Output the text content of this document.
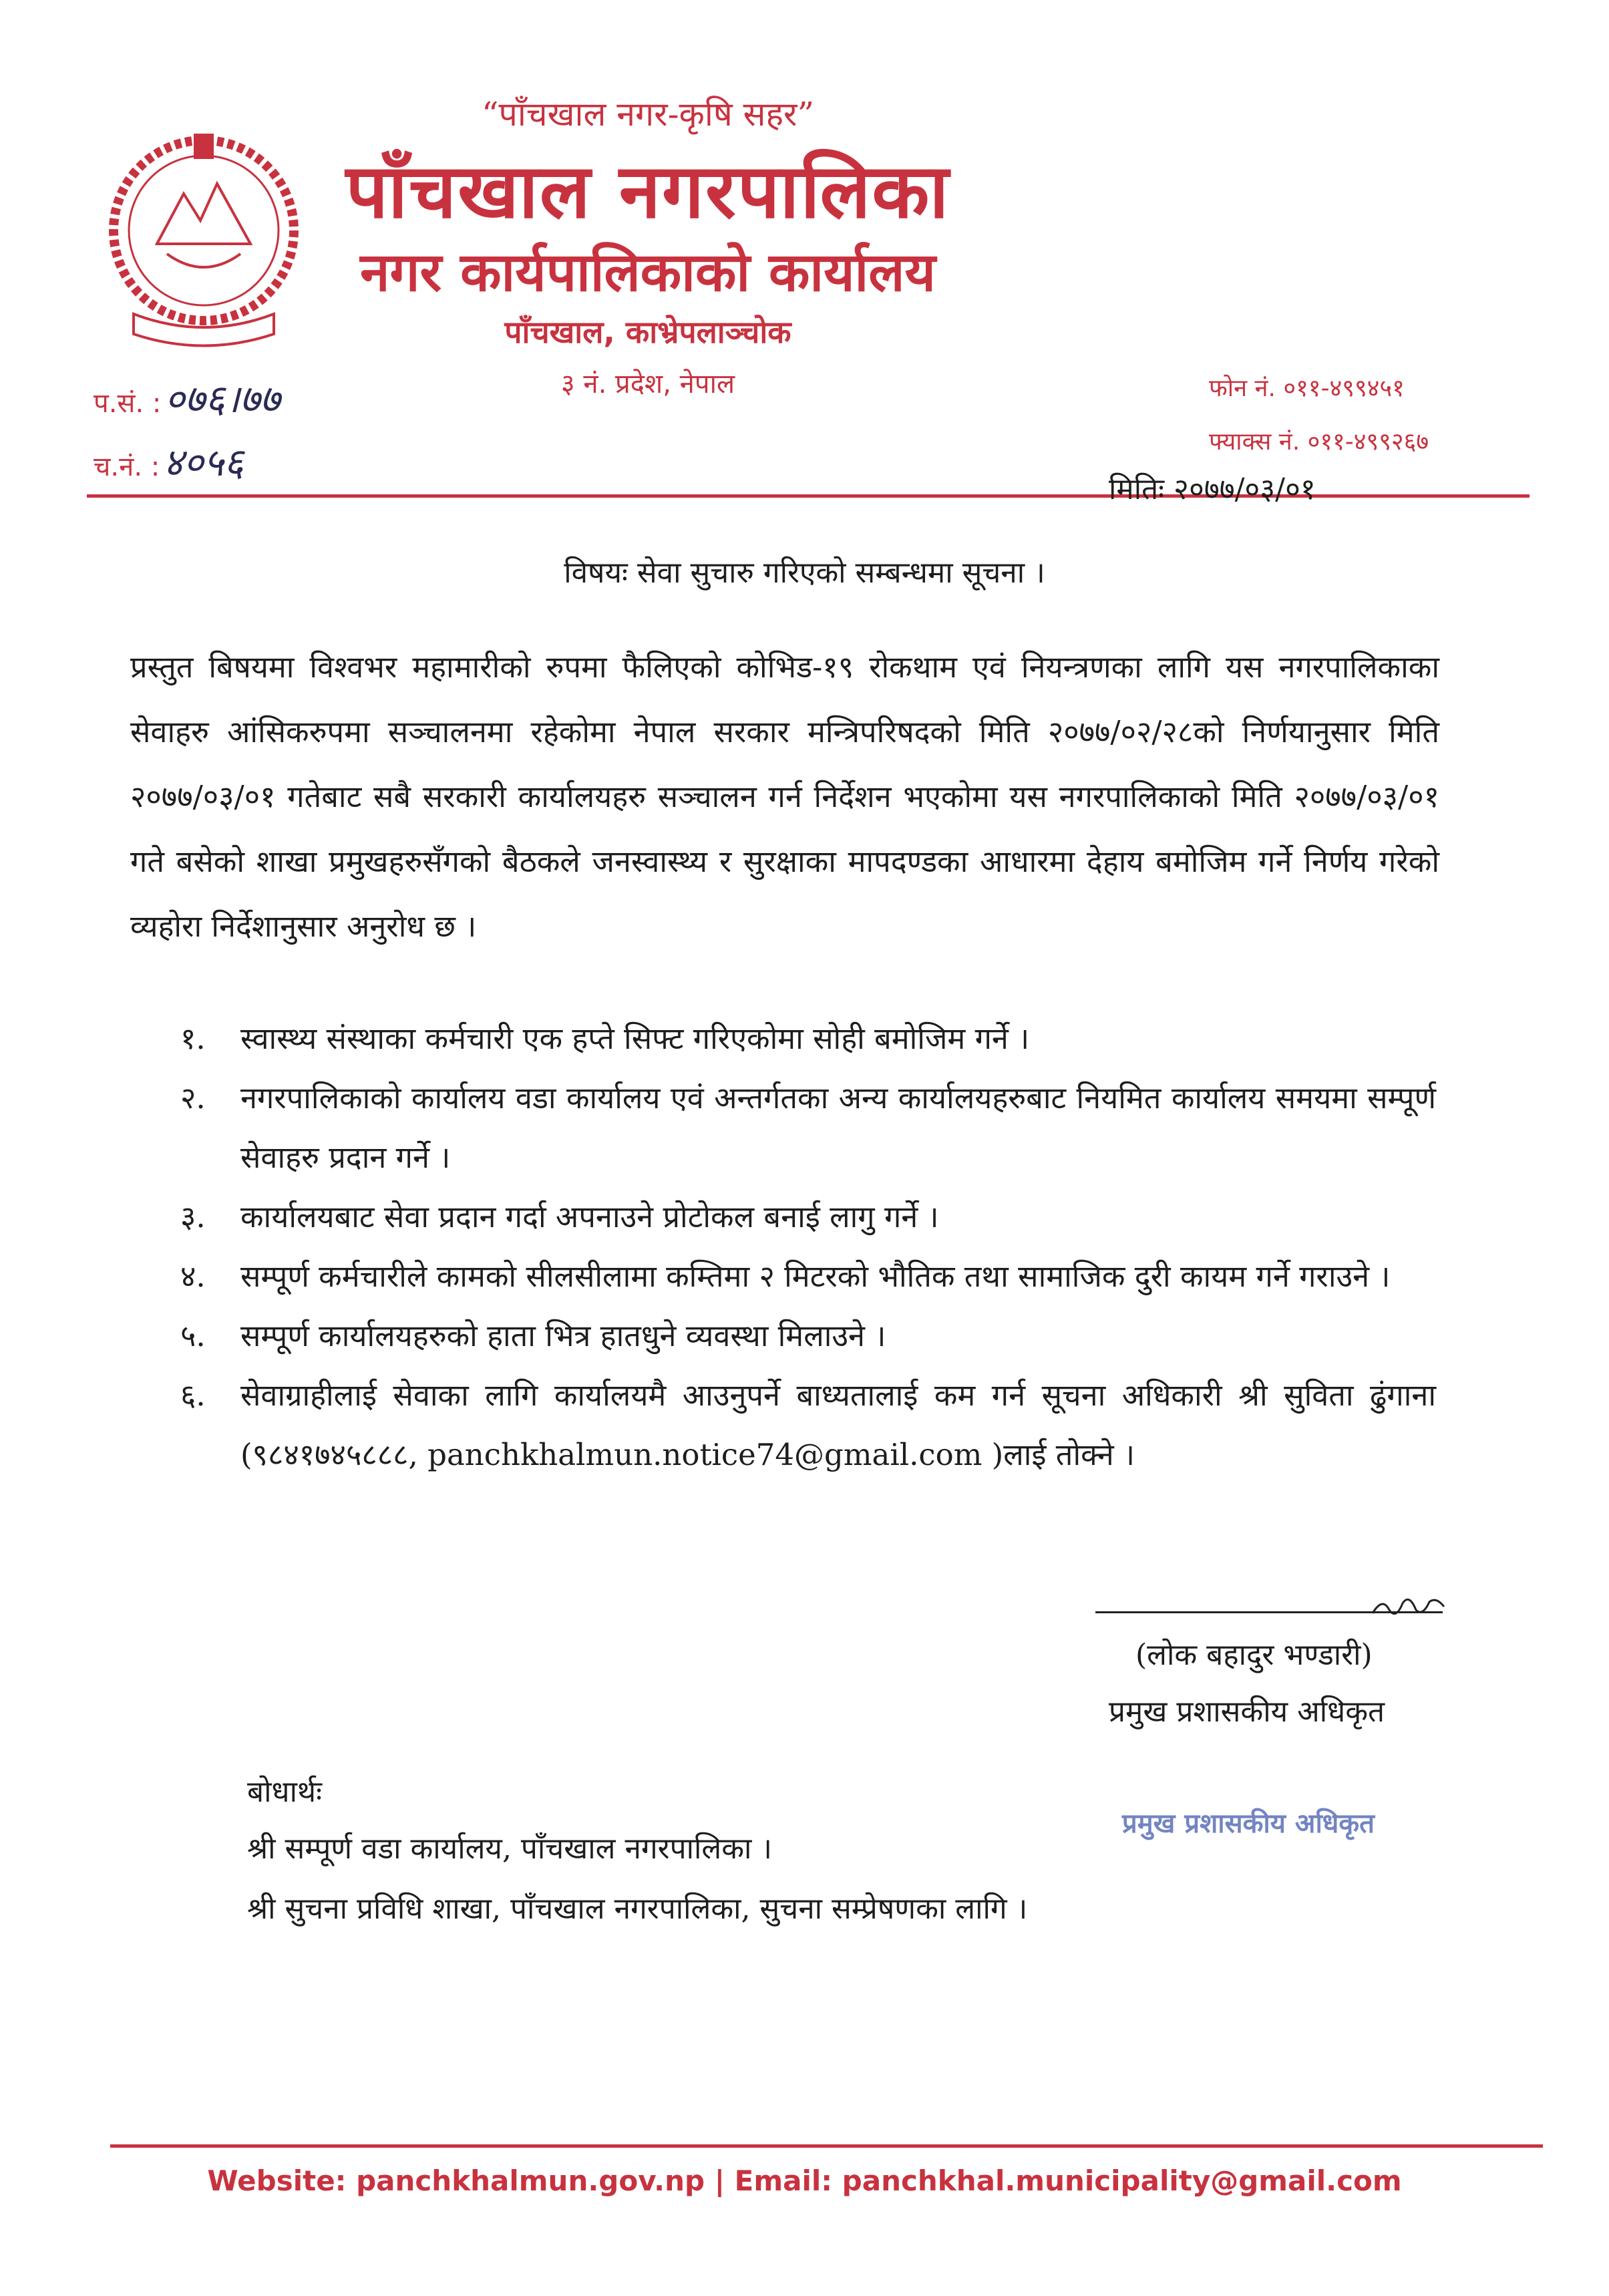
“पाँचखाल नगर-कृषि सहर”
पाँचखाल नगरपालिका
नगर कार्यपालिकाको कार्यालय
पाँचखाल, काभ्रेपलाञ्चोक
३ नं. प्रदेश, नेपाल
प.सं. : ०७६।७७
च.नं. : ४०५६
फोन नं. ०११-४९९४५१
फ्याक्स नं. ०११-४९९२६७
मितिः २०७७/०३/०१
विषयः सेवा सुचारु गरिएको सम्बन्धमा सूचना ।
प्रस्तुत बिषयमा विश्वभर महामारीको रुपमा फैलिएको कोभिड-१९ रोकथाम एवं नियन्त्रणका लागि यस नगरपालिकाका सेवाहरु आंसिकरुपमा सञ्चालनमा रहेकोमा नेपाल सरकार मन्त्रिपरिषदको मिति २०७७/०२/२८को निर्णयानुसार मिति २०७७/०३/०१ गतेबाट सबै सरकारी कार्यालयहरु सञ्चालन गर्न निर्देशन भएकोमा यस नगरपालिकाको मिति २०७७/०३/०१ गते बसेको शाखा प्रमुखहरुसँगको बैठकले जनस्वास्थ्य र सुरक्षाका मापदण्डका आधारमा देहाय बमोजिम गर्ने निर्णय गरेको व्यहोरा निर्देशानुसार अनुरोध छ ।
१.	स्वास्थ्य संस्थाका कर्मचारी एक हप्ते सिफ्ट गरिएकोमा सोही बमोजिम गर्ने ।
२.	नगरपालिकाको कार्यालय वडा कार्यालय एवं अन्तर्गतका अन्य कार्यालयहरुबाट नियमित कार्यालय समयमा सम्पूर्ण सेवाहरु प्रदान गर्ने ।
३.	कार्यालयबाट सेवा प्रदान गर्दा अपनाउने प्रोटोकल बनाई लागु गर्ने ।
४.	सम्पूर्ण कर्मचारीले कामको सीलसीलामा कम्तिमा २ मिटरको भौतिक तथा सामाजिक दुरी कायम गर्ने गराउने ।
५.	सम्पूर्ण कार्यालयहरुको हाता भित्र हातधुने व्यवस्था मिलाउने ।
६.	सेवाग्राहीलाई सेवाका लागि कार्यालयमै आउनुपर्ने बाध्यतालाई कम गर्न सूचना अधिकारी श्री सुविता ढुंगाना (९८४१७४५८८८, panchkhalmun.notice74@gmail.com )लाई तोक्ने ।
(लोक बहादुर भण्डारी)
प्रमुख प्रशासकीय अधिकृत
प्रमुख प्रशासकीय अधिकृत
बोधार्थः
श्री सम्पूर्ण वडा कार्यालय, पाँचखाल नगरपालिका ।
श्री सुचना प्रविधि शाखा, पाँचखाल नगरपालिका, सुचना सम्प्रेषणका लागि ।
Website: panchkhalmun.gov.np | Email: panchkhal.municipality@gmail.com
